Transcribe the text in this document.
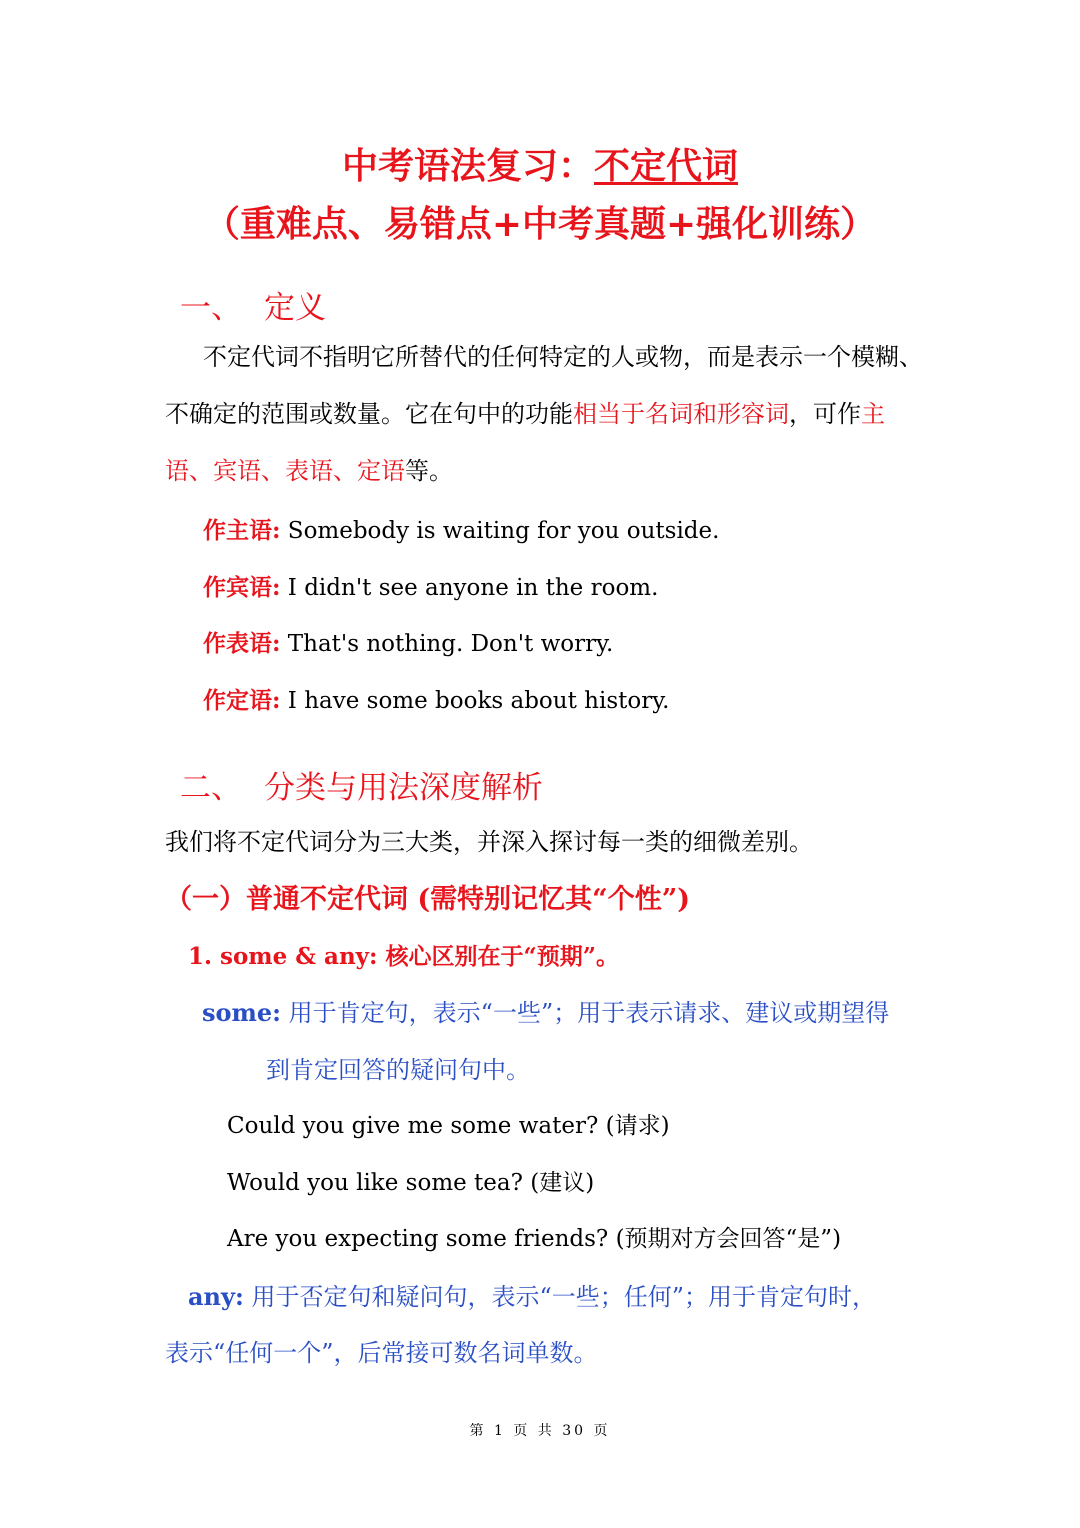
中考语法复习：不定代词
（重难点、易错点+中考真题+强化训练）
一、 定义
不定代词不指明它所替代的任何特定的人或物，而是表示一个模糊、不确定的范围或数量。它在句中的功能相当于名词和形容词，可作主语、宾语、表语、定语等。
作主语: Somebody is waiting for you outside.
作宾语: I didn't see anyone in the room.
作表语: That's nothing. Don't worry.
作定语: I have some books about history.
二、 分类与用法深度解析
我们将不定代词分为三大类，并深入探讨每一类的细微差别。
（一）普通不定代词 (需特别记忆其“个性”)
1. some & any: 核心区别在于“预期”。
some: 用于肯定句，表示“一些”；用于表示请求、建议或期望得
到肯定回答的疑问句中。
Could you give me some water? (请求)
Would you like some tea? (建议)
Are you expecting some friends? (预期对方会回答“是”)
any: 用于否定句和疑问句，表示“一些；任何”；用于肯定句时，
表示“任何一个”，后常接可数名词单数。
第 1 页 共 30 页
